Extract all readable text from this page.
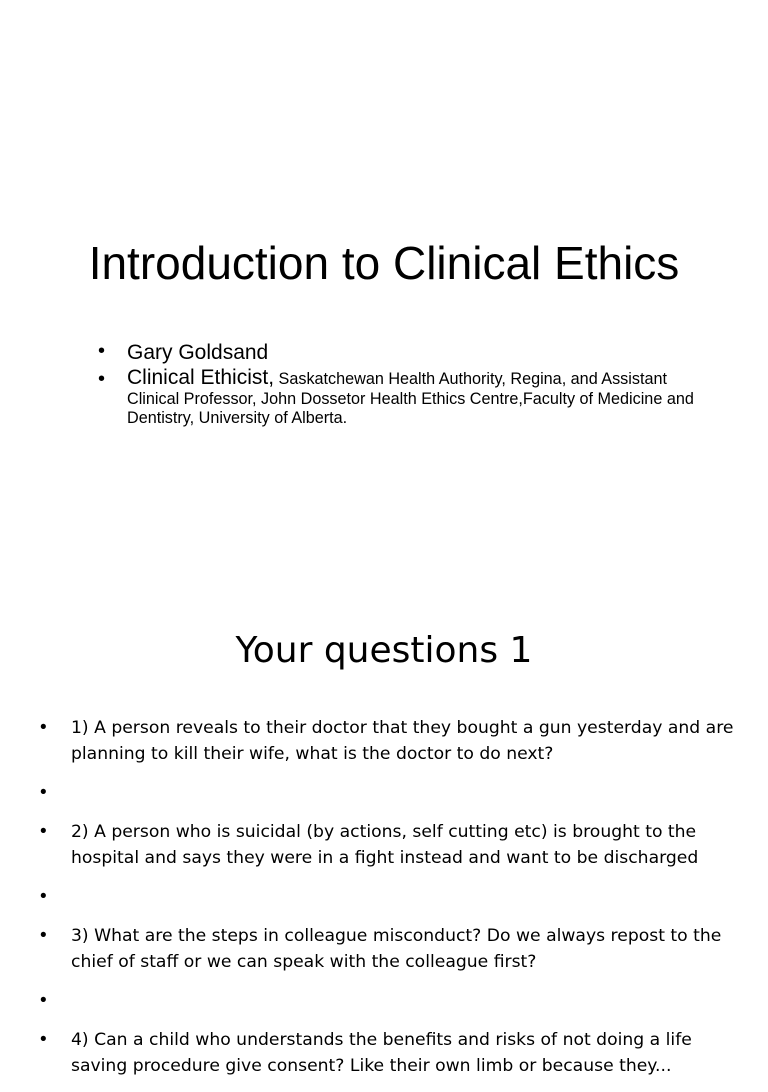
Introduction to Clinical Ethics
• Gary Goldsand
• Clinical Ethicist, Saskatchewan Health Authority, Regina, and Assistant Clinical Professor, John Dossetor Health Ethics Centre,Faculty of Medicine and Dentistry, University of Alberta.
Your questions 1
• 1) A person reveals to their doctor that they bought a gun yesterday and are planning to kill their wife, what is the doctor to do next?
•
• 2) A person who is suicidal (by actions, self cutting etc) is brought to the hospital and says they were in a fight instead and want to be discharged
•
• 3) What are the steps in colleague misconduct? Do we always repost to the chief of staff or we can speak with the colleague first?
•
• 4) Can a child who understands the benefits and risks of not doing a life saving procedure give consent? Like their own limb or because they...
